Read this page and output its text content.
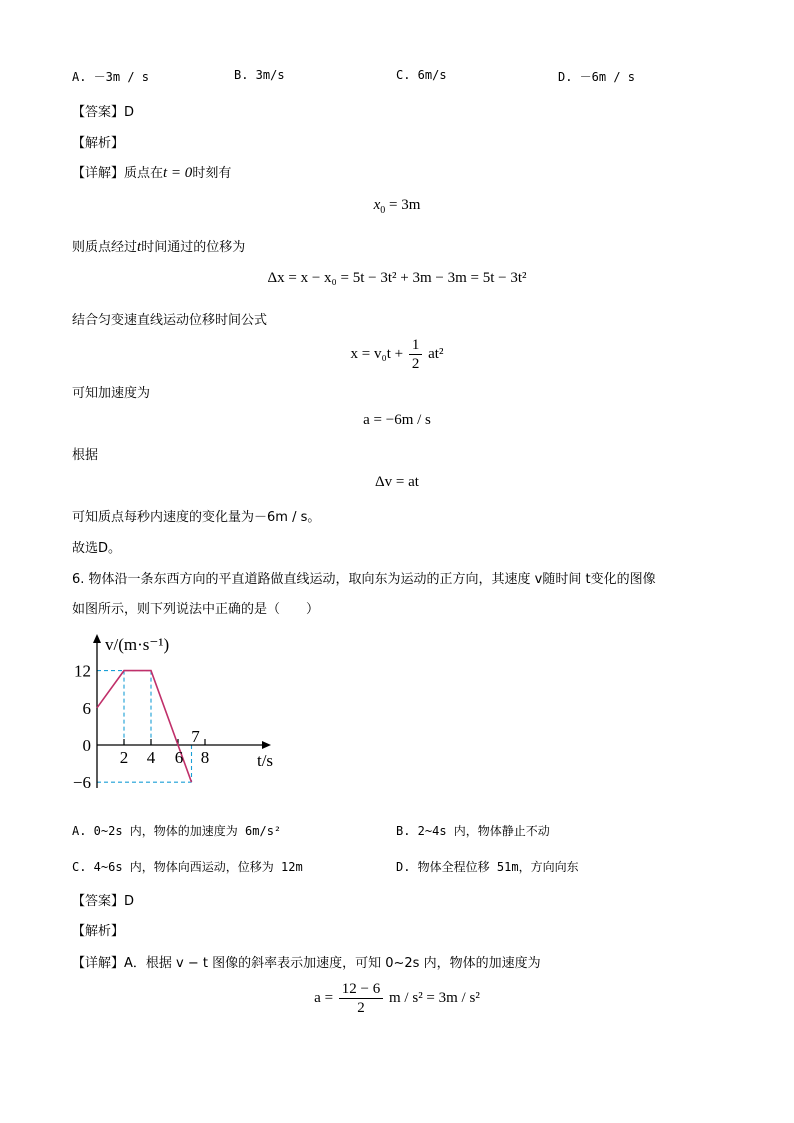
A. －3m / s	B. 3m/s	C. 6m/s	D. －6m / s
【答案】D
【解析】
【详解】质点在t = 0时刻有
$x_0 = 3m$
则质点经过t时间通过的位移为
Δx = x − x₀ = 5t − 3t² + 3m − 3m = 5t − 3t²
结合匀变速直线运动位移时间公式
$x = v_0t + \frac{1}{2} at^2$
可知加速度为
a = −6m / s
根据
Δv = at
可知质点每秒内速度的变化量为－6m / s。
故选D。
6. 物体沿一条东西方向的平直道路做直线运动，取向东为运动的正方向，其速度 v随时间 t变化的图像
如图所示，则下列说法中正确的是（　　）
v/(m·s⁻¹)
t/s
12
6
0
−6
2 4 6
7
8
A. 0~2s 内，物体的加速度为 6m/s²	B. 2~4s 内，物体静止不动
C. 4~6s 内，物体向西运动，位移为 12m	D. 物体全程位移 51m，方向向东
【答案】D
【解析】
【详解】A．根据 v − t 图像的斜率表示加速度，可知 0~2s 内，物体的加速度为
$a = \frac{12 - 6}{2}$ m / s² = 3m / s²
